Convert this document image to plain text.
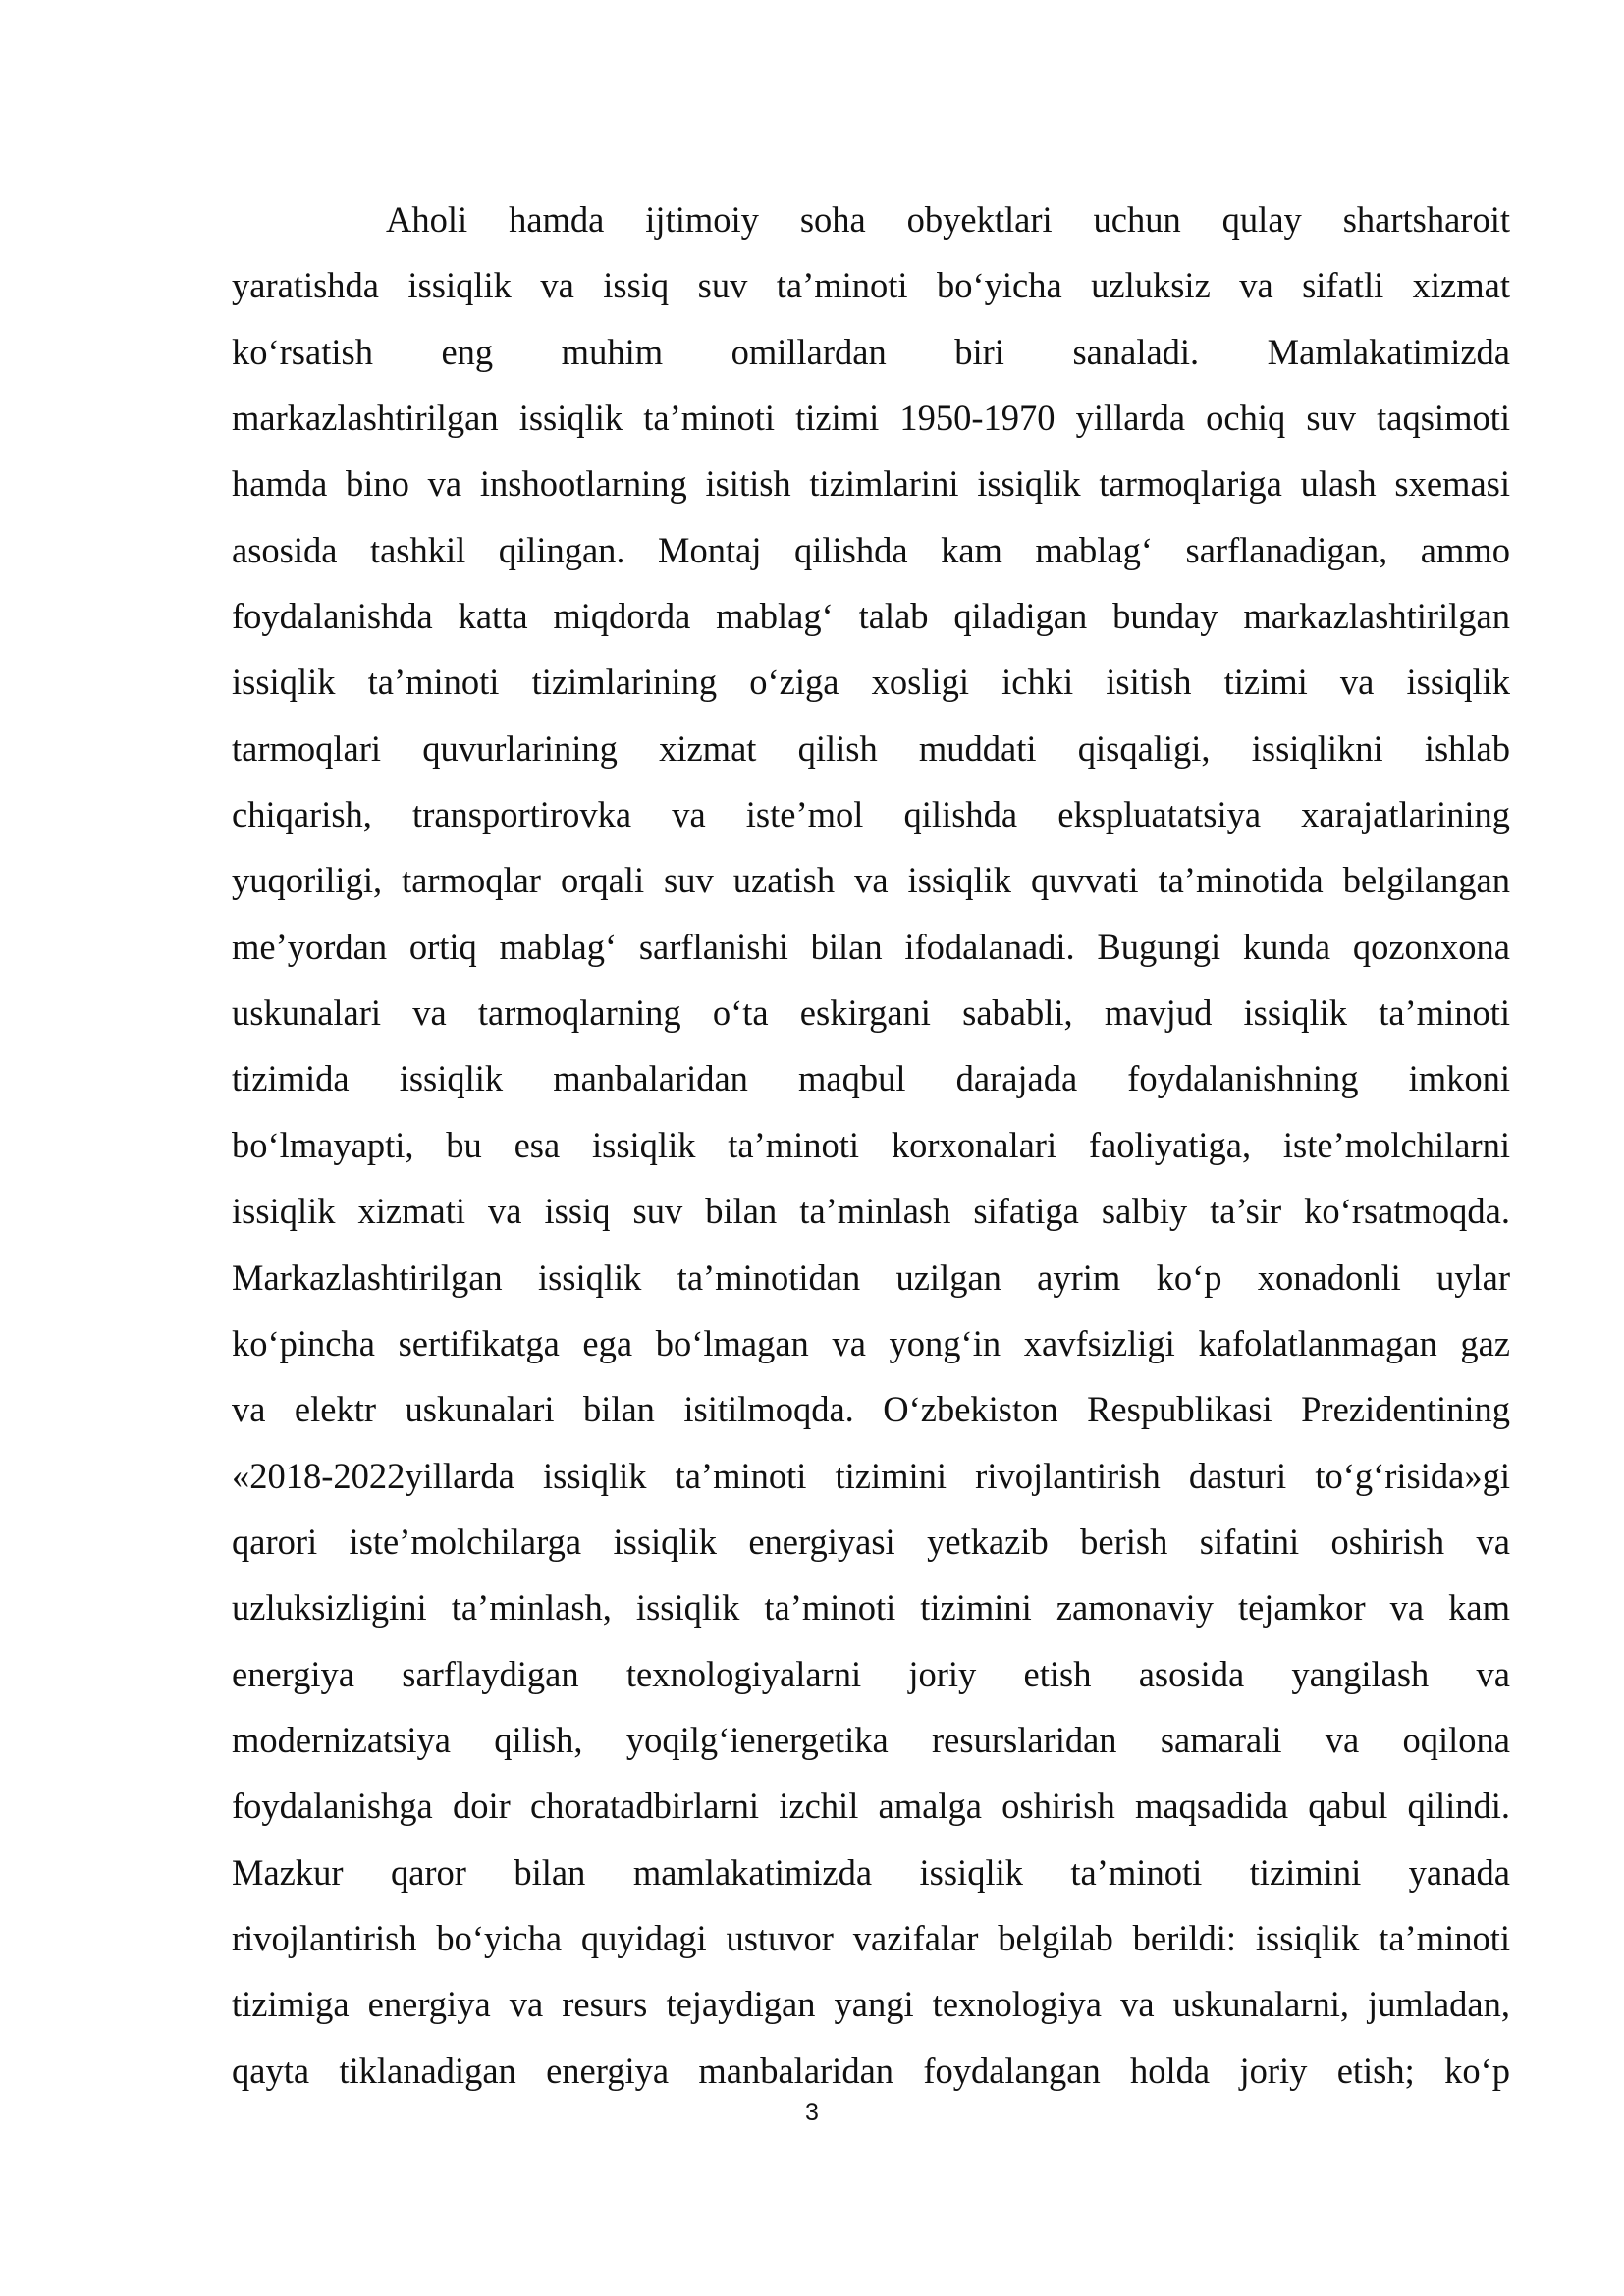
Aholi hamda ijtimoiy soha obyektlari uchun qulay shartsharoit
yaratishda issiqlik va issiq suv ta’minoti bo‘yicha uzluksiz va sifatli xizmat
ko‘rsatish eng muhim omillardan biri sanaladi. Mamlakatimizda
markazlashtirilgan issiqlik ta’minoti tizimi 1950-1970 yillarda ochiq suv taqsimoti
hamda bino va inshootlarning isitish tizimlarini issiqlik tarmoqlariga ulash sxemasi
asosida tashkil qilingan. Montaj qilishda kam mablag‘ sarflanadigan, ammo
foydalanishda katta miqdorda mablag‘ talab qiladigan bunday markazlashtirilgan
issiqlik ta’minoti tizimlarining o‘ziga xosligi ichki isitish tizimi va issiqlik
tarmoqlari quvurlarining xizmat qilish muddati qisqaligi, issiqlikni ishlab
chiqarish, transportirovka va iste’mol qilishda ekspluatatsiya xarajatlarining
yuqoriligi, tarmoqlar orqali suv uzatish va issiqlik quvvati ta’minotida belgilangan
me’yordan ortiq mablag‘ sarflanishi bilan ifodalanadi. Bugungi kunda qozonxona
uskunalari va tarmoqlarning o‘ta eskirgani sababli, mavjud issiqlik ta’minoti
tizimida issiqlik manbalaridan maqbul darajada foydalanishning imkoni
bo‘lmayapti, bu esa issiqlik ta’minoti korxonalari faoliyatiga, iste’molchilarni
issiqlik xizmati va issiq suv bilan ta’minlash sifatiga salbiy ta’sir ko‘rsatmoqda.
Markazlashtirilgan issiqlik ta’minotidan uzilgan ayrim ko‘p xonadonli uylar
ko‘pincha sertifikatga ega bo‘lmagan va yong‘in xavfsizligi kafolatlanmagan gaz
va elektr uskunalari bilan isitilmoqda. O‘zbekiston Respublikasi Prezidentining
«2018-2022yillarda issiqlik ta’minoti tizimini rivojlantirish dasturi to‘g‘risida»gi
qarori iste’molchilarga issiqlik energiyasi yetkazib berish sifatini oshirish va
uzluksizligini ta’minlash, issiqlik ta’minoti tizimini zamonaviy tejamkor va kam
energiya sarflaydigan texnologiyalarni joriy etish asosida yangilash va
modernizatsiya qilish, yoqilg‘ienergetika resurslaridan samarali va oqilona
foydalanishga doir choratadbirlarni izchil amalga oshirish maqsadida qabul qilindi.
Mazkur qaror bilan mamlakatimizda issiqlik ta’minoti tizimini yanada
rivojlantirish bo‘yicha quyidagi ustuvor vazifalar belgilab berildi: issiqlik ta’minoti
tizimiga energiya va resurs tejaydigan yangi texnologiya va uskunalarni, jumladan,
qayta tiklanadigan energiya manbalaridan foydalangan holda joriy etish; ko‘p
3
